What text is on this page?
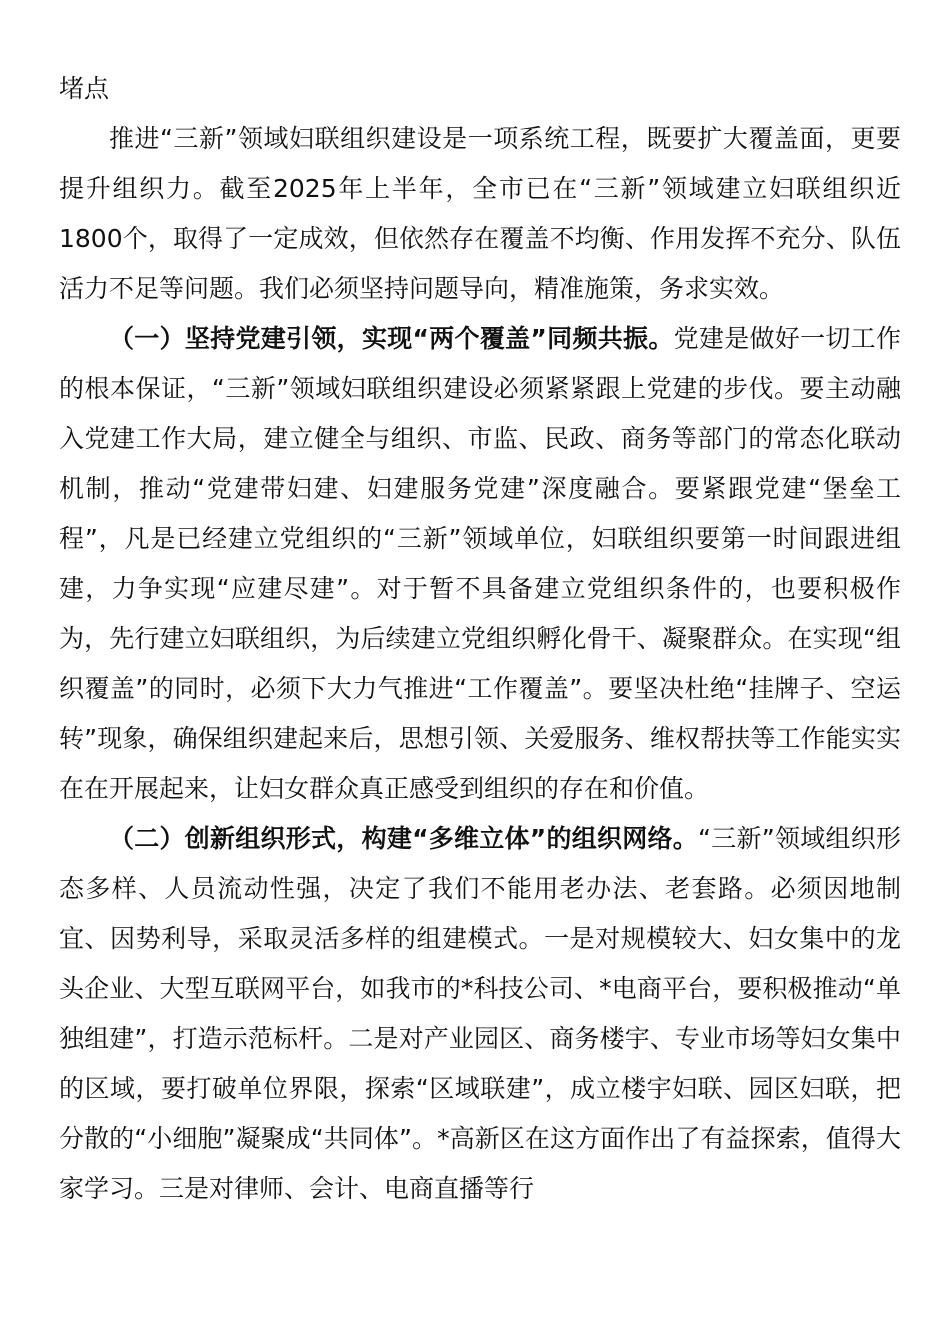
堵点

推进“三新”领域妇联组织建设是一项系统工程，既要扩大覆盖面，更要提升组织力。截至2025年上半年，全市已在“三新”领域建立妇联组织近1800个，取得了一定成效，但依然存在覆盖不均衡、作用发挥不充分、队伍活力不足等问题。我们必须坚持问题导向，精准施策，务求实效。

（一）坚持党建引领，实现“两个覆盖”同频共振。党建是做好一切工作的根本保证，“三新”领域妇联组织建设必须紧紧跟上党建的步伐。要主动融入党建工作大局，建立健全与组织、市监、民政、商务等部门的常态化联动机制，推动“党建带妇建、妇建服务党建”深度融合。要紧跟党建“堡垒工程”，凡是已经建立党组织的“三新”领域单位，妇联组织要第一时间跟进组建，力争实现“应建尽建”。对于暂不具备建立党组织条件的，也要积极作为，先行建立妇联组织，为后续建立党组织孵化骨干、凝聚群众。在实现“组织覆盖”的同时，必须下大力气推进“工作覆盖”。要坚决杜绝“挂牌子、空运转”现象，确保组织建起来后，思想引领、关爱服务、维权帮扶等工作能实实在在开展起来，让妇女群众真正感受到组织的存在和价值。

（二）创新组织形式，构建“多维立体”的组织网络。“三新”领域组织形态多样、人员流动性强，决定了我们不能用老办法、老套路。必须因地制宜、因势利导，采取灵活多样的组建模式。一是对规模较大、妇女集中的龙头企业、大型互联网平台，如我市的*科技公司、*电商平台，要积极推动“单独组建”，打造示范标杆。二是对产业园区、商务楼宇、专业市场等妇女集中的区域，要打破单位界限，探索“区域联建”，成立楼宇妇联、园区妇联，把分散的“小细胞”凝聚成“共同体”。*高新区在这方面作出了有益探索，值得大家学习。三是对律师、会计、电商直播等行
